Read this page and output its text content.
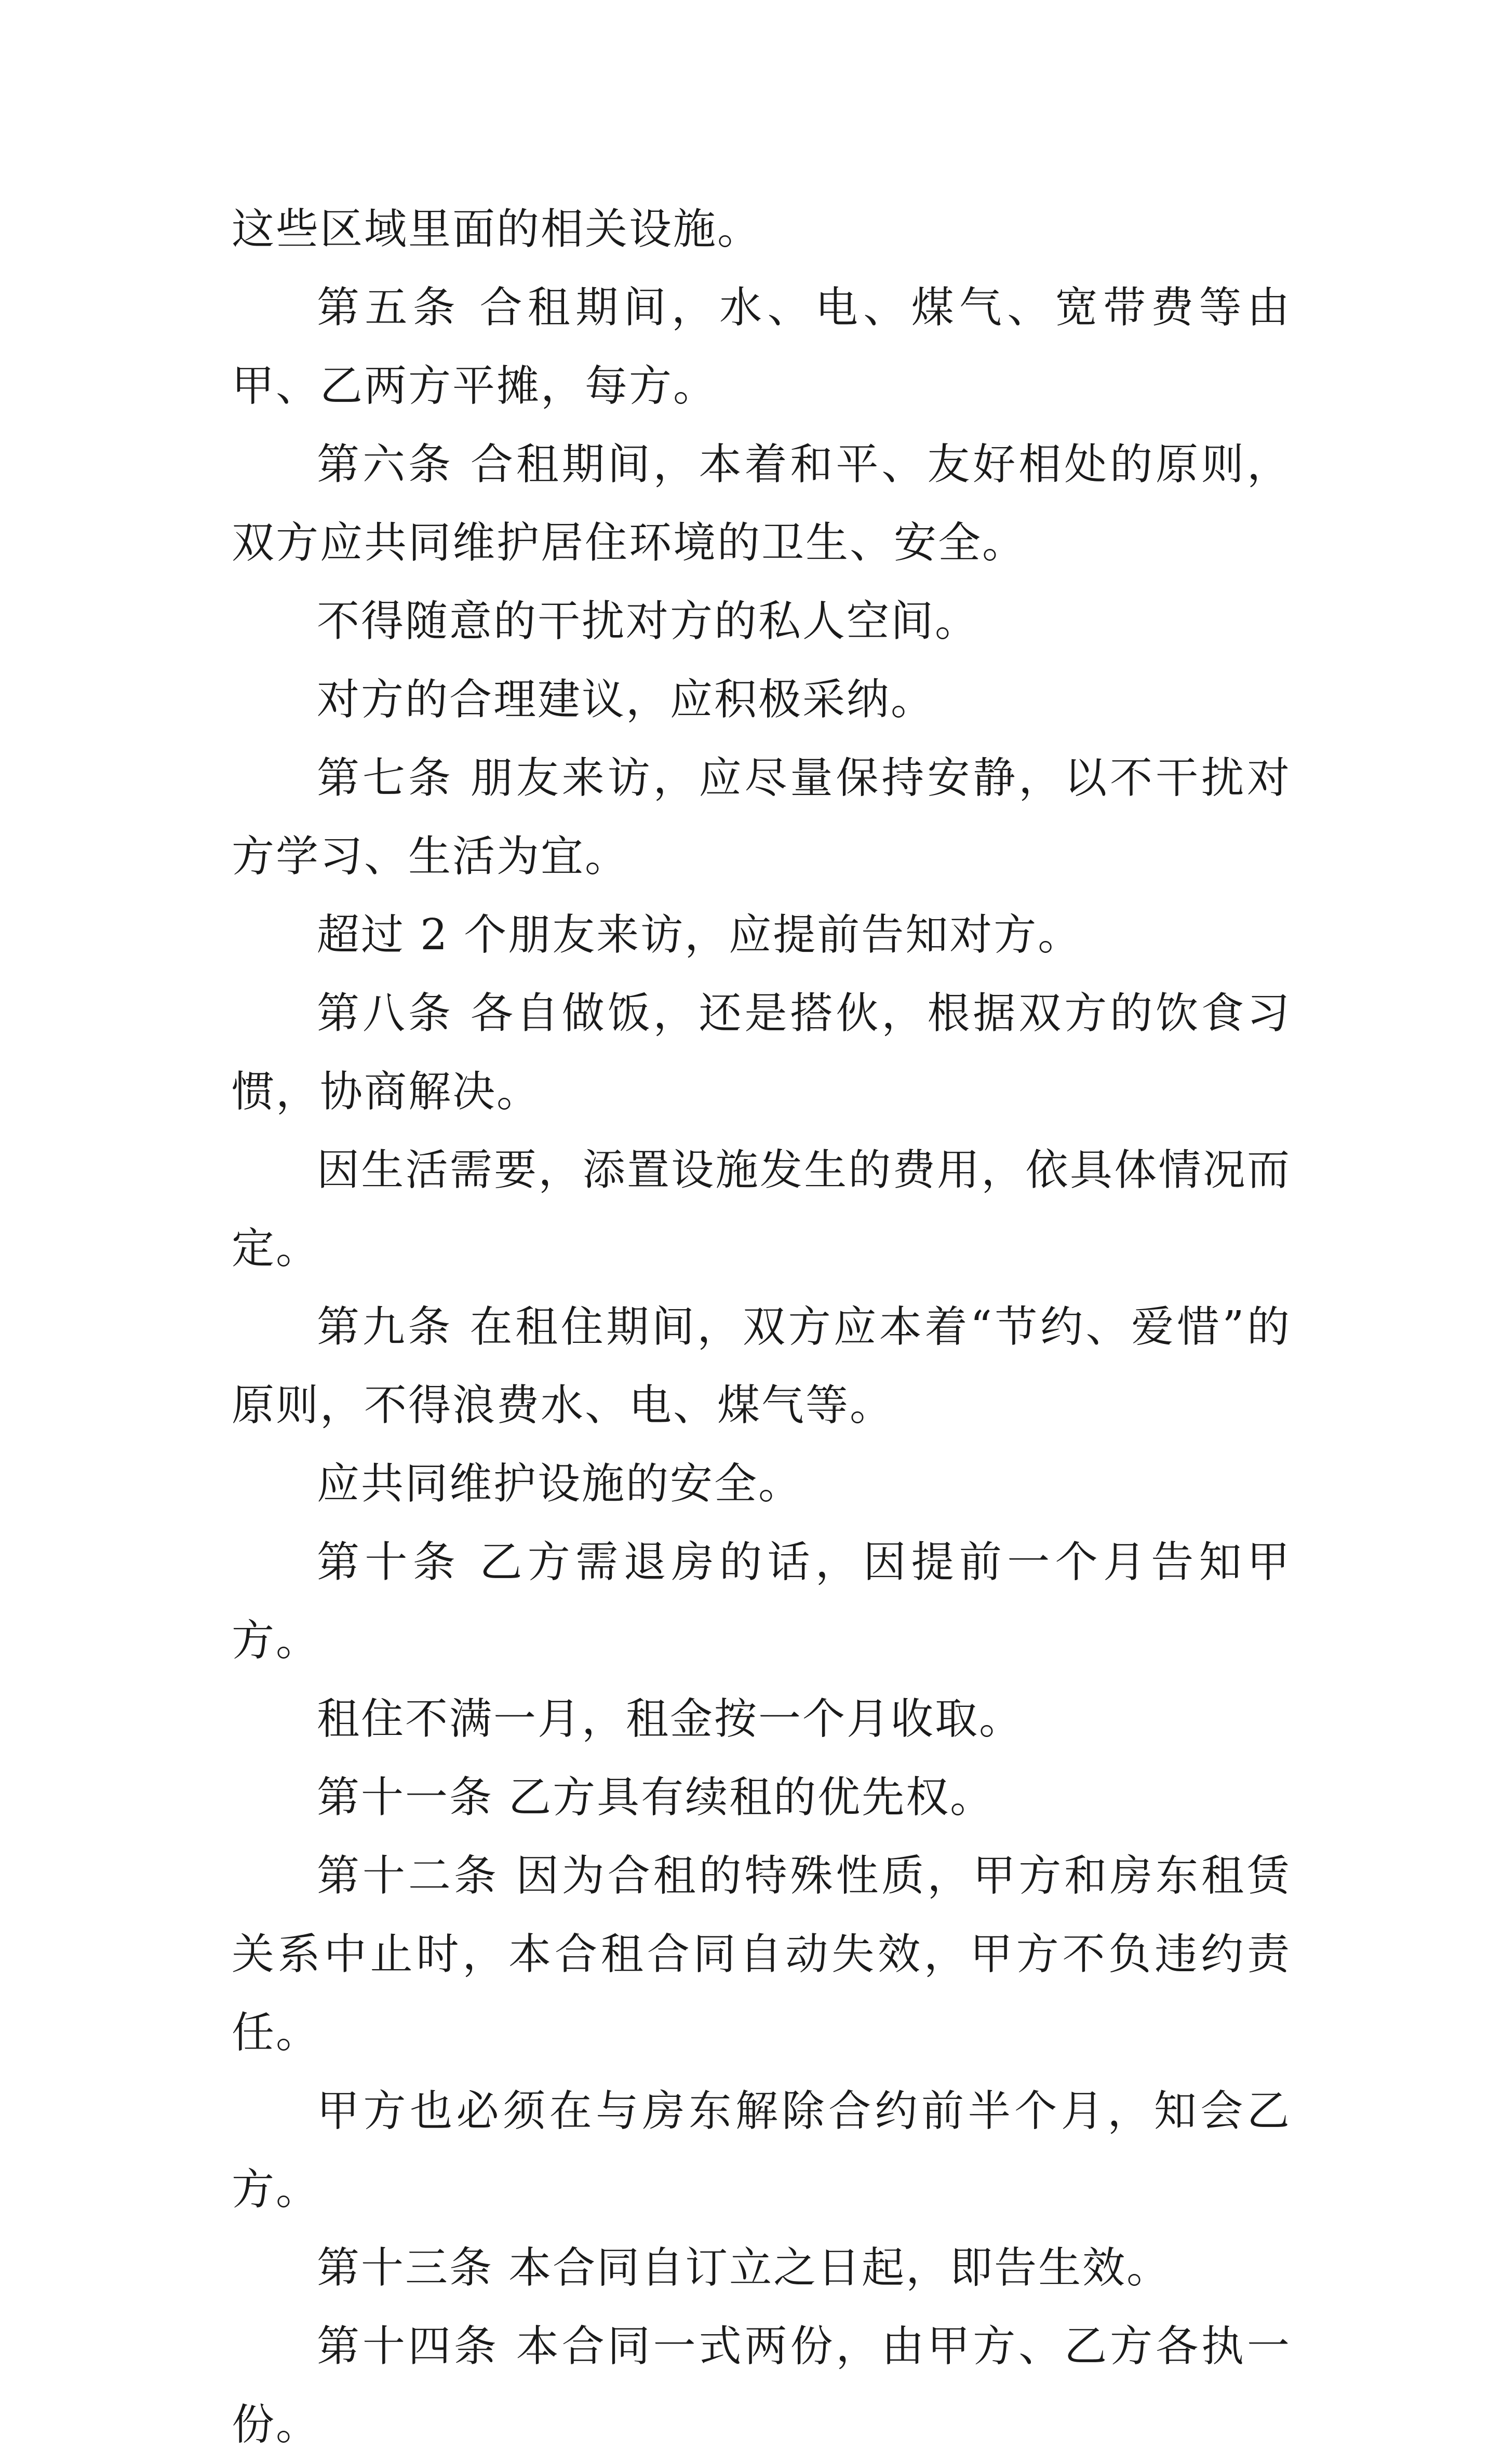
这些区域里面的相关设施。

第五条 合租期间，水、电、煤气、宽带费等由甲、乙两方平摊，每方。

第六条 合租期间，本着和平、友好相处的原则，双方应共同维护居住环境的卫生、安全。

不得随意的干扰对方的私人空间。

对方的合理建议，应积极采纳。

第七条 朋友来访，应尽量保持安静，以不干扰对方学习、生活为宜。

超过 2 个朋友来访，应提前告知对方。

第八条 各自做饭，还是搭伙，根据双方的饮食习惯，协商解决。

因生活需要，添置设施发生的费用，依具体情况而定。

第九条 在租住期间，双方应本着“节约、爱惜”的原则，不得浪费水、电、煤气等。

应共同维护设施的安全。

第十条 乙方需退房的话，因提前一个月告知甲方。

租住不满一月，租金按一个月收取。

第十一条 乙方具有续租的优先权。

第十二条 因为合租的特殊性质，甲方和房东租赁关系中止时，本合租合同自动失效，甲方不负违约责任。

甲方也必须在与房东解除合约前半个月，知会乙方。

第十三条 本合同自订立之日起，即告生效。

第十四条 本合同一式两份，由甲方、乙方各执一份。
